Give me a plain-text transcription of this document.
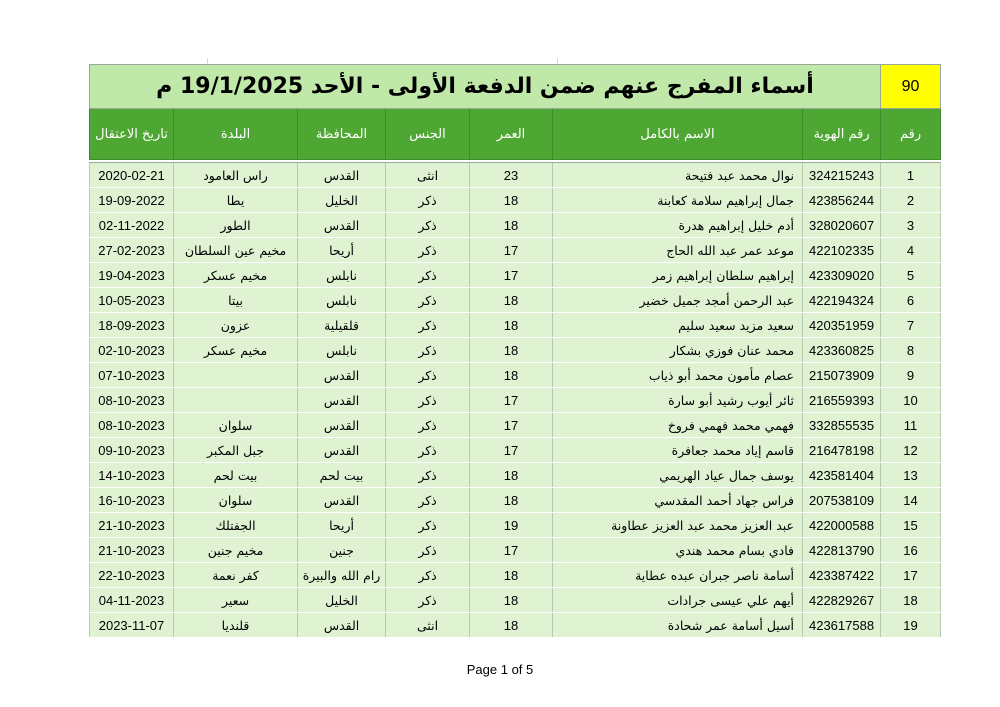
90	أسماء المفرج عنهم ضمن الدفعة الأولى - الأحد 19/1/2025 م						
رقم	رقم الهوية	الاسم بالكامل	العمر	الجنس	المحافظة	البلدة	تاريخ الاعتقال

1	324215243	نوال محمد عبد فتيحة	23	انثى	القدس	راس العامود	2020-02-21
2	423856244	جمال إبراهيم سلامة كعابنة	18	ذكر	الخليل	يطا	19-09-2022
3	328020607	أدم خليل إبراهيم هدرة	18	ذكر	القدس	الطور	02-11-2022
4	422102335	موعد عمر عبد الله الحاج	17	ذكر	أريحا	مخيم عين السلطان	27-02-2023
5	423309020	إبراهيم سلطان إبراهيم زمر	17	ذكر	نابلس	مخيم عسكر	19-04-2023
6	422194324	عبد الرحمن أمجد جميل خضير	18	ذكر	نابلس	بيتا	10-05-2023
7	420351959	سعيد مزيد سعيد سليم	18	ذكر	قلقيلية	عزون	18-09-2023
8	423360825	محمد عنان فوزي بشكار	18	ذكر	نابلس	مخيم عسكر	02-10-2023
9	215073909	عصام مأمون محمد أبو ذياب	18	ذكر	القدس		07-10-2023
10	216559393	ثائر أيوب رشيد أبو سارة	17	ذكر	القدس		08-10-2023
11	332855535	فهمي محمد فهمي فروخ	17	ذكر	القدس	سلوان	08-10-2023
12	216478198	قاسم إياد محمد جعافرة	17	ذكر	القدس	جبل المكبر	09-10-2023
13	423581404	يوسف جمال عياد الهريمي	18	ذكر	بيت لحم	بيت لحم	14-10-2023
14	207538109	فراس جهاد أحمد المقدسي	18	ذكر	القدس	سلوان	16-10-2023
15	422000588	عبد العزيز محمد عبد العزيز عطاونة	19	ذكر	أريحا	الجفتلك	21-10-2023
16	422813790	فادي بسام محمد هندي	17	ذكر	جنين	مخيم جنين	21-10-2023
17	423387422	أسامة ناصر جبران عبده عطاية	18	ذكر	رام الله والبيرة	كفر نعمة	22-10-2023
18	422829267	أيهم علي عيسى جرادات	18	ذكر	الخليل	سعير	04-11-2023
19	423617588	أسيل أسامة عمر شحادة	18	انثى	القدس	قلنديا	2023-11-07
Page 1 of 5
